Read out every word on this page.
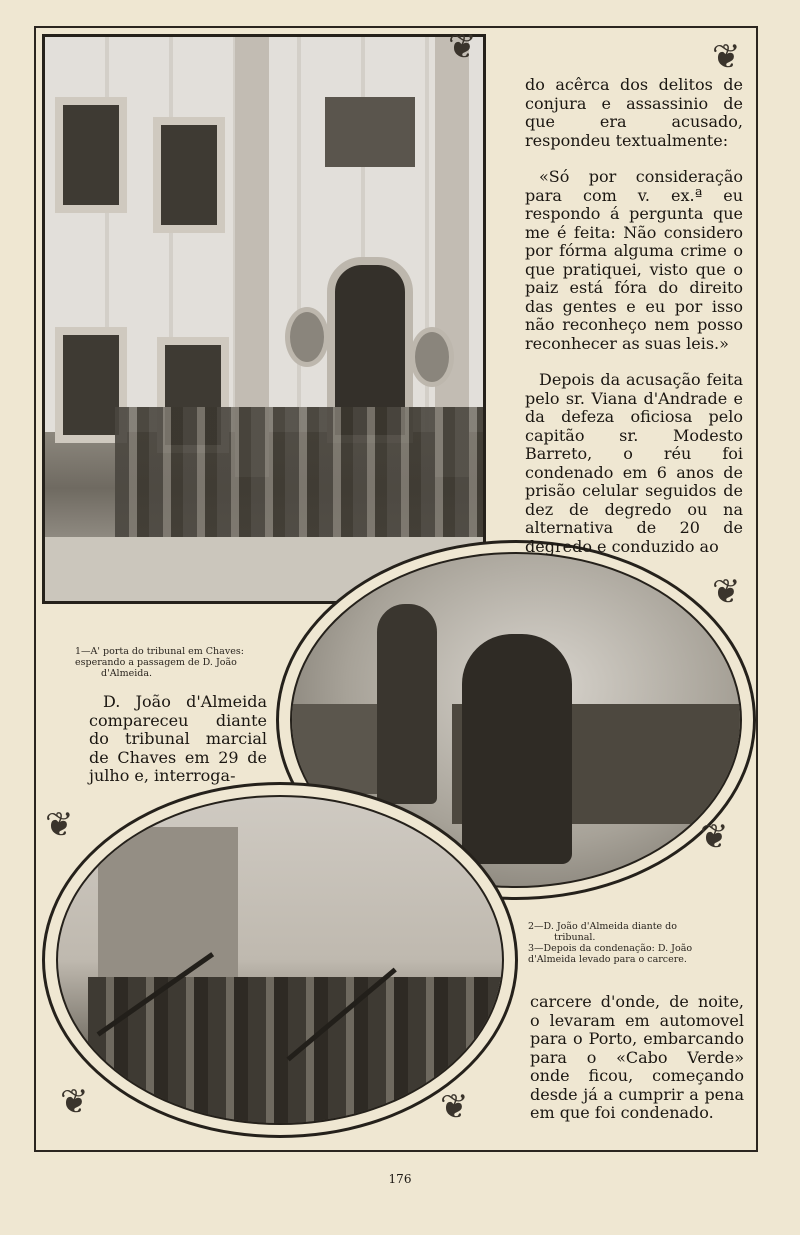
❦	❦
❦
❦	❦
❦	❦

do acêrca dos delitos de conjura e assassinio de que era acusado, respondeu textualmente:

«Só por consideração para com v. ex.ª eu respondo á pergunta que me é feita: Não considero por fórma alguma crime o que pratiquei, visto que o paiz está fóra do direito das gentes e eu por isso não reconheço nem posso reconhecer as suas leis.»

Depois da acusação feita pelo sr. Viana d'Andrade e da defeza oficiosa pelo capitão sr. Modesto Barreto, o réu foi condenado em 6 anos de prisão celular seguidos de dez de degredo ou na alternativa de 20 de degredo e conduzido ao

1—A' porta do tribunal em Chaves:
esperando a passagem de D. João
d'Almeida.

D. João d'Almeida compareceu diante do tribunal marcial de Chaves em 29 de julho e, interroga-

2—D. João d'Almeida diante do
tribunal.
3—Depois da condenação: D. João
d'Almeida levado para o carcere.

carcere d'onde, de noite, o levaram em automovel para o Porto, embarcando para o «Cabo Verde» onde ficou, começando desde já a cumprir a pena em que foi condenado.

176
